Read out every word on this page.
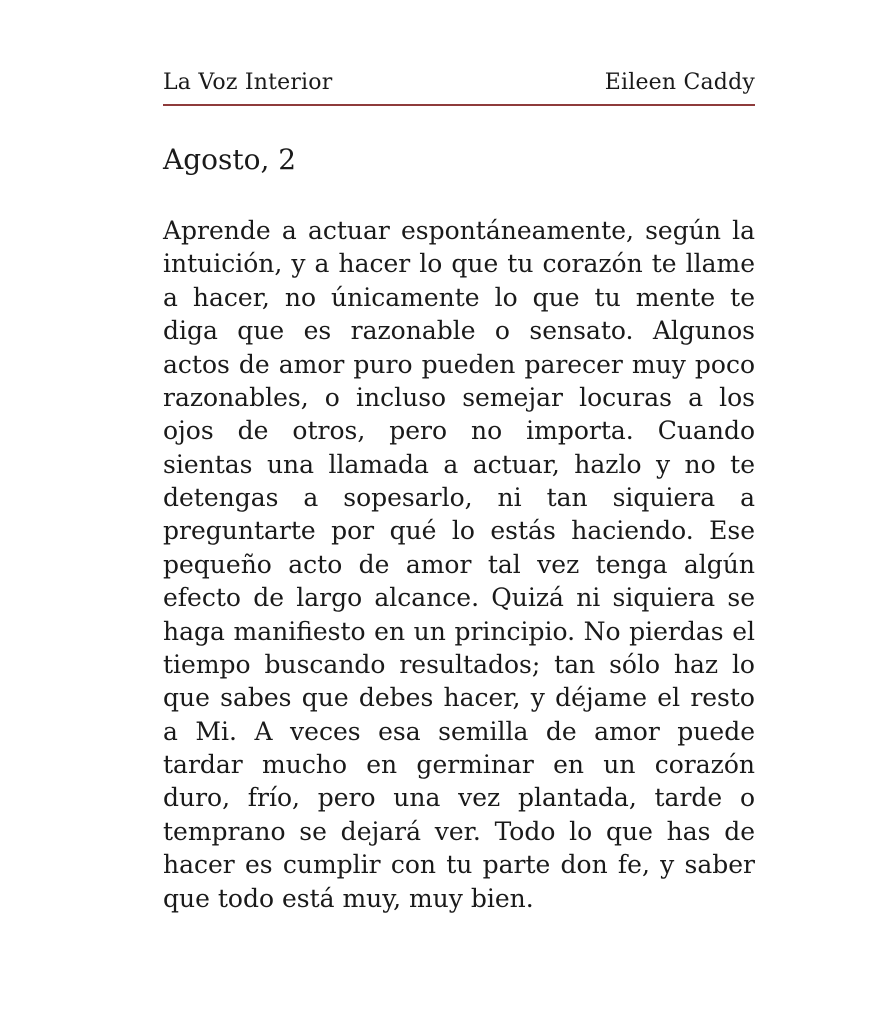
La Voz Interior	Eileen Caddy
Agosto, 2

Aprende a actuar espontáneamente, según la intuición, y a hacer lo que tu corazón te llame a hacer, no únicamente lo que tu mente te diga que es razonable o sensato. Algunos actos de amor puro pueden parecer muy poco razonables, o incluso semejar locuras a los ojos de otros, pero no importa. Cuando sientas una llamada a actuar, hazlo y no te detengas a sopesarlo, ni tan siquiera a preguntarte por qué lo estás haciendo. Ese pequeño acto de amor tal vez tenga algún efecto de largo alcance. Quizá ni siquiera se haga manifiesto en un principio. No pierdas el tiempo buscando resultados; tan sólo haz lo que sabes que debes hacer, y déjame el resto a Mi. A veces esa semilla de amor puede tardar mucho en germinar en un corazón duro, frío, pero una vez plantada, tarde o temprano se dejará ver. Todo lo que has de hacer es cumplir con tu parte don fe, y saber que todo está muy, muy bien.
